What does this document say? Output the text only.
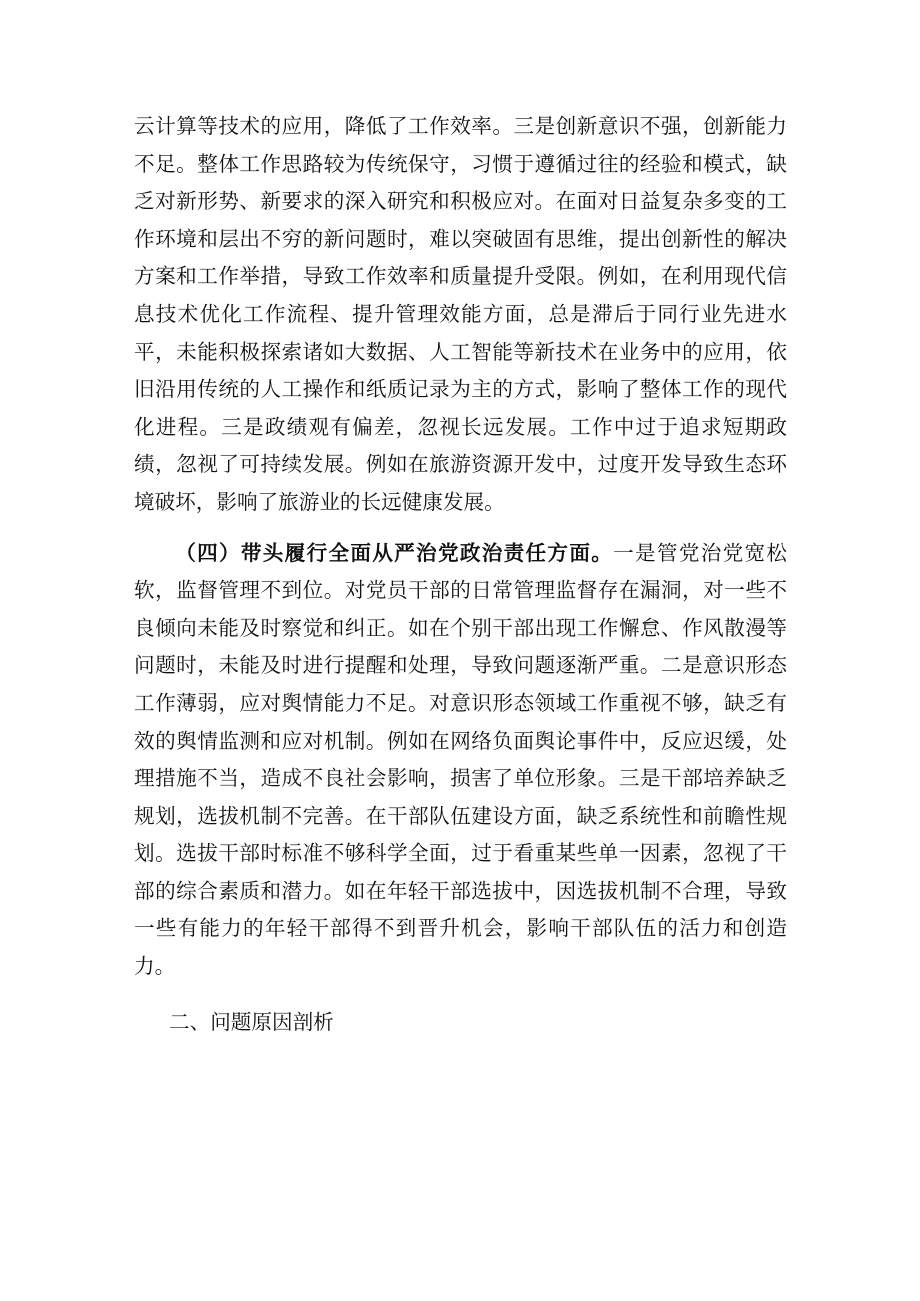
云计算等技术的应用，降低了工作效率。三是创新意识不强，创新能力不足。整体工作思路较为传统保守，习惯于遵循过往的经验和模式，缺乏对新形势、新要求的深入研究和积极应对。在面对日益复杂多变的工作环境和层出不穷的新问题时，难以突破固有思维，提出创新性的解决方案和工作举措，导致工作效率和质量提升受限。例如，在利用现代信息技术优化工作流程、提升管理效能方面，总是滞后于同行业先进水平，未能积极探索诸如大数据、人工智能等新技术在业务中的应用，依旧沿用传统的人工操作和纸质记录为主的方式，影响了整体工作的现代化进程。三是政绩观有偏差，忽视长远发展。工作中过于追求短期政绩，忽视了可持续发展。例如在旅游资源开发中，过度开发导致生态环境破坏，影响了旅游业的长远健康发展。

（四）带头履行全面从严治党政治责任方面。一是管党治党宽松软，监督管理不到位。对党员干部的日常管理监督存在漏洞，对一些不良倾向未能及时察觉和纠正。如在个别干部出现工作懈怠、作风散漫等问题时，未能及时进行提醒和处理，导致问题逐渐严重。二是意识形态工作薄弱，应对舆情能力不足。对意识形态领域工作重视不够，缺乏有效的舆情监测和应对机制。例如在网络负面舆论事件中，反应迟缓，处理措施不当，造成不良社会影响，损害了单位形象。三是干部培养缺乏规划，选拔机制不完善。在干部队伍建设方面，缺乏系统性和前瞻性规划。选拔干部时标准不够科学全面，过于看重某些单一因素，忽视了干部的综合素质和潜力。如在年轻干部选拔中，因选拔机制不合理，导致一些有能力的年轻干部得不到晋升机会，影响干部队伍的活力和创造力。

二、问题原因剖析
